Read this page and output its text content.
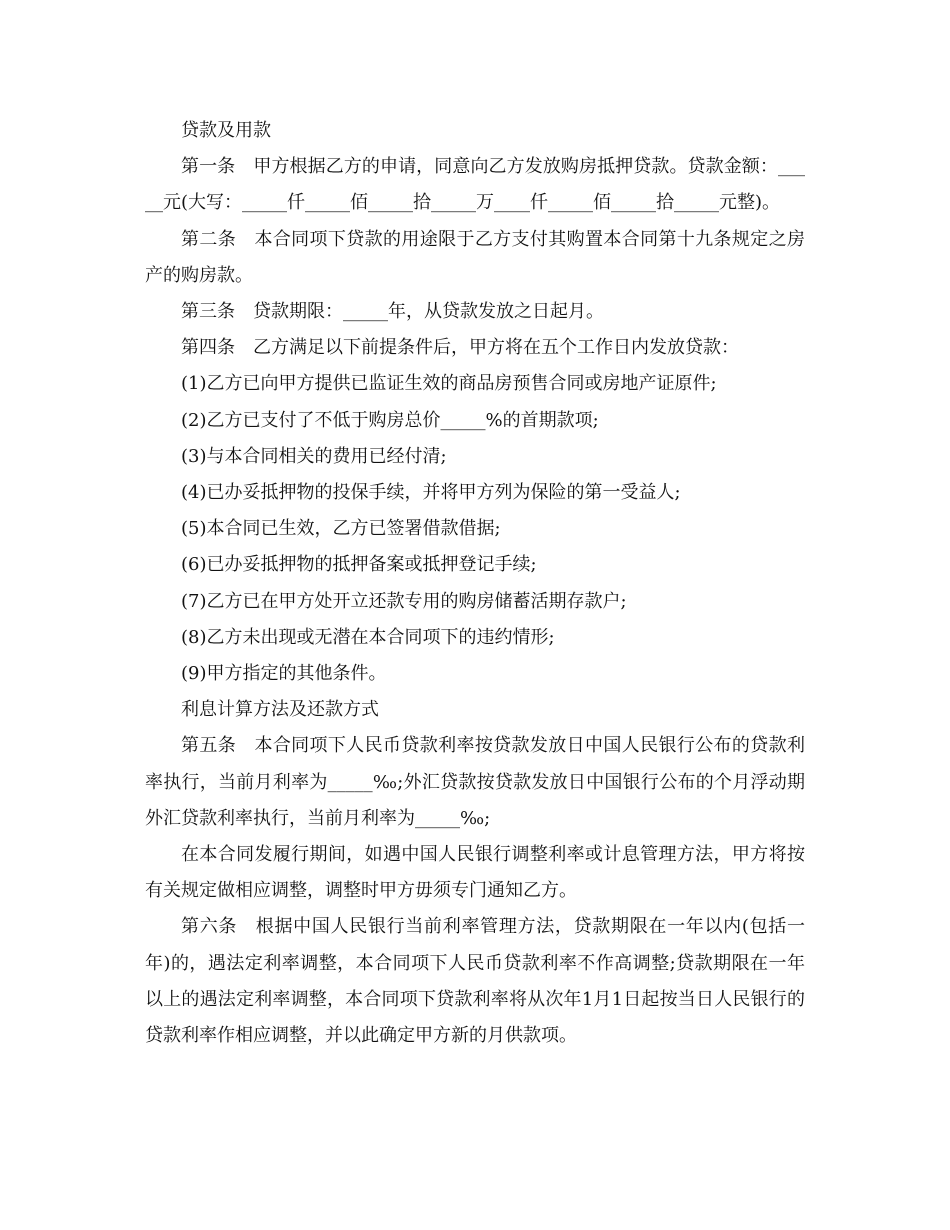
贷款及用款

第一条　甲方根据乙方的申请，同意向乙方发放购房抵押贷款。贷款金额：_____元(大写：_____仟_____佰_____拾_____万____仟_____佰_____拾_____元整)。

第二条　本合同项下贷款的用途限于乙方支付其购置本合同第十九条规定之房产的购房款。

第三条　贷款期限：_____年，从贷款发放之日起月。

第四条　乙方满足以下前提条件后，甲方将在五个工作日内发放贷款：

(1)乙方已向甲方提供已监证生效的商品房预售合同或房地产证原件;

(2)乙方已支付了不低于购房总价_____%的首期款项;

(3)与本合同相关的费用已经付清;

(4)已办妥抵押物的投保手续，并将甲方列为保险的第一受益人;

(5)本合同已生效，乙方已签署借款借据;

(6)已办妥抵押物的抵押备案或抵押登记手续;

(7)乙方已在甲方处开立还款专用的购房储蓄活期存款户;

(8)乙方未出现或无潜在本合同项下的违约情形;

(9)甲方指定的其他条件。

利息计算方法及还款方式

第五条　本合同项下人民币贷款利率按贷款发放日中国人民银行公布的贷款利率执行，当前月利率为_____‰;外汇贷款按贷款发放日中国银行公布的个月浮动期外汇贷款利率执行，当前月利率为_____‰;

在本合同发履行期间，如遇中国人民银行调整利率或计息管理方法，甲方将按有关规定做相应调整，调整时甲方毋须专门通知乙方。

第六条　根据中国人民银行当前利率管理方法，贷款期限在一年以内(包括一年)的，遇法定利率调整，本合同项下人民币贷款利率不作高调整;贷款期限在一年以上的遇法定利率调整，本合同项下贷款利率将从次年1月1日起按当日人民银行的贷款利率作相应调整，并以此确定甲方新的月供款项。
